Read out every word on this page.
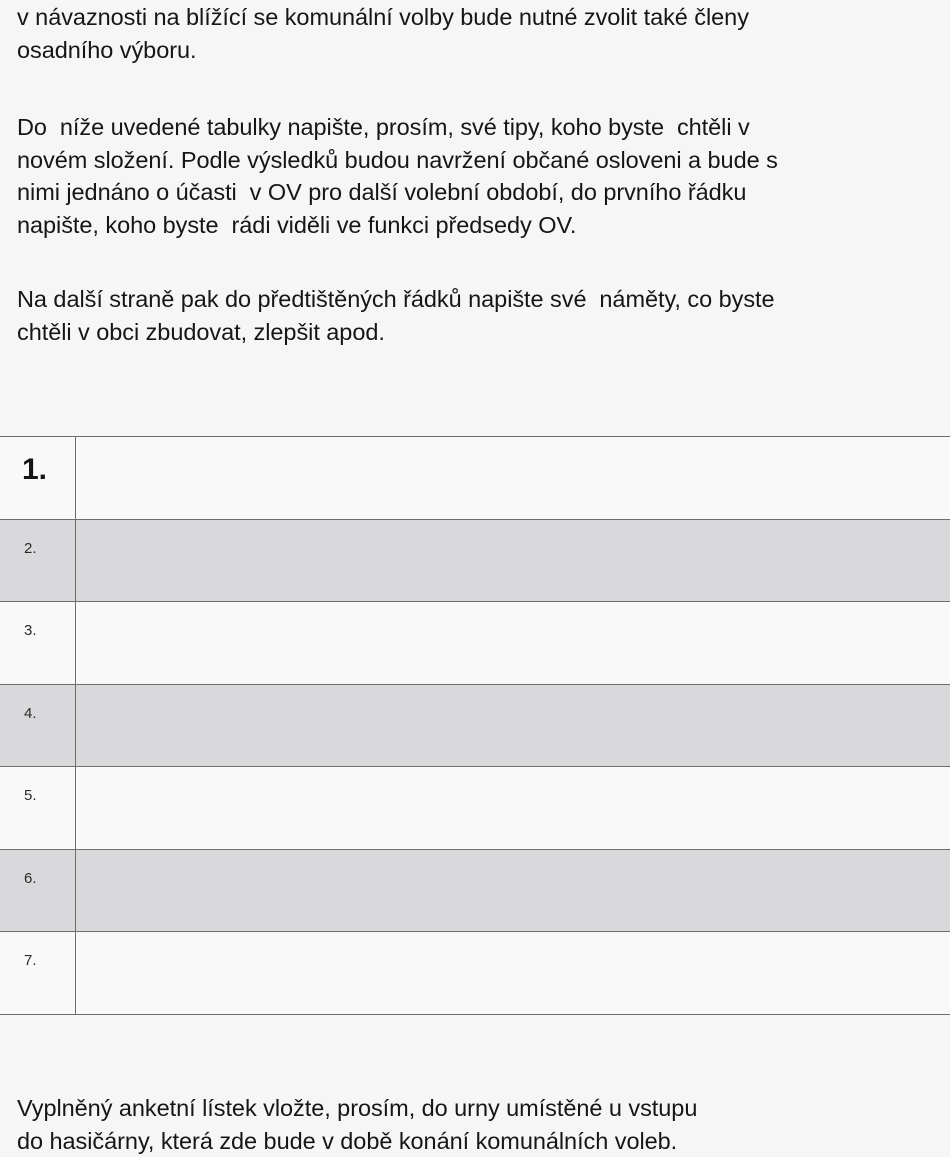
v návaznosti na blížící se komunální volby bude nutné zvolit také členy
osadního výboru.

Do  níže uvedené tabulky napište, prosím, své tipy, koho byste  chtěli v
novém složení. Podle výsledků budou navržení občané osloveni a bude s
nimi jednáno o účasti  v OV pro další volební období, do prvního řádku
napište, koho byste  rádi viděli ve funkci předsedy OV.

Na další straně pak do předtištěných řádků napište své  náměty, co byste
chtěli v obci zbudovat, zlepšit apod.

1.
2.
3.
4.
5.
6.
7.

Vyplněný anketní lístek vložte, prosím, do urny umístěné u vstupu
do hasičárny, která zde bude v době konání komunálních voleb.
